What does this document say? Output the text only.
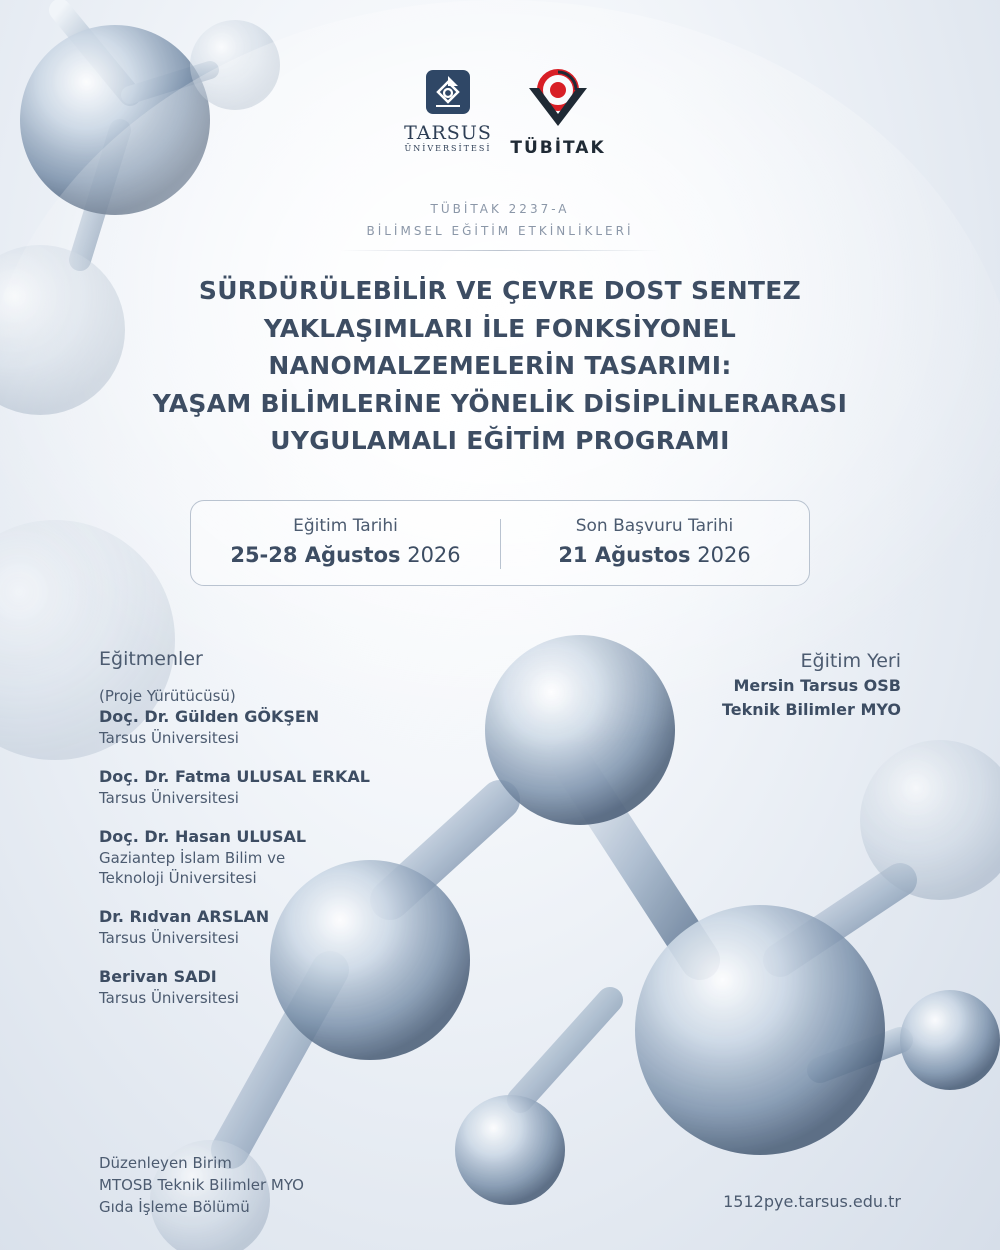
TARSUS
ÜNİVERSİTESİ TÜBİTAK
TÜBİTAK 2237-A
BİLİMSEL EĞİTİM ETKİNLİKLERİ
SÜRDÜRÜLEBİLİR VE ÇEVRE DOST SENTEZ
YAKLAŞIMLARI İLE FONKSİYONEL
NANOMALZEMELERİN TASARIMI:
YAŞAM BİLİMLERİNE YÖNELİK DİSİPLİNLERARASI
UYGULAMALI EĞİTİM PROGRAMI
Eğitim Tarihi
25-28 Ağustos 2026
Son Başvuru Tarihi
21 Ağustos 2026
Eğitmenler
(Proje Yürütücüsü)
Doç. Dr. Gülden GÖKŞEN
Tarsus Üniversitesi
Doç. Dr. Fatma ULUSAL ERKAL
Tarsus Üniversitesi
Doç. Dr. Hasan ULUSAL
Gaziantep İslam Bilim ve
Teknoloji Üniversitesi
Dr. Rıdvan ARSLAN
Tarsus Üniversitesi
Berivan SADI
Tarsus Üniversitesi
Eğitim Yeri
Mersin Tarsus OSB
Teknik Bilimler MYO
Düzenleyen Birim
MTOSB Teknik Bilimler MYO
Gıda İşleme Bölümü	1512pye.tarsus.edu.tr
